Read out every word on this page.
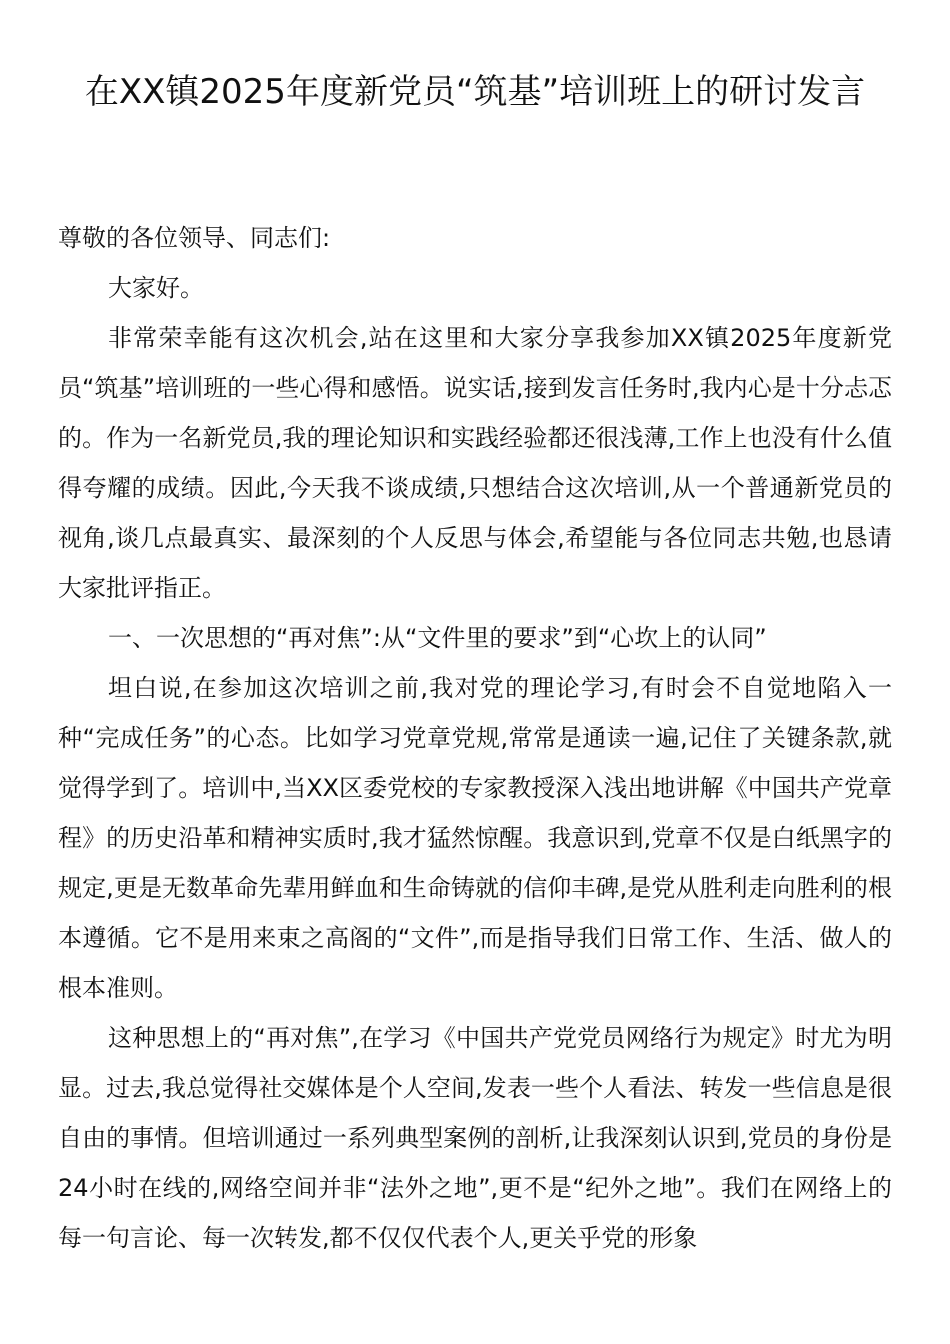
在XX镇2025年度新党员“筑基”培训班上的研讨发言

尊敬的各位领导、同志们:

大家好。

非常荣幸能有这次机会,站在这里和大家分享我参加XX镇2025年度新党员“筑基”培训班的一些心得和感悟。说实话,接到发言任务时,我内心是十分忐忑的。作为一名新党员,我的理论知识和实践经验都还很浅薄,工作上也没有什么值得夸耀的成绩。因此,今天我不谈成绩,只想结合这次培训,从一个普通新党员的视角,谈几点最真实、最深刻的个人反思与体会,希望能与各位同志共勉,也恳请大家批评指正。

一、一次思想的“再对焦”:从“文件里的要求”到“心坎上的认同”

坦白说,在参加这次培训之前,我对党的理论学习,有时会不自觉地陷入一种“完成任务”的心态。比如学习党章党规,常常是通读一遍,记住了关键条款,就觉得学到了。培训中,当XX区委党校的专家教授深入浅出地讲解《中国共产党章程》的历史沿革和精神实质时,我才猛然惊醒。我意识到,党章不仅是白纸黑字的规定,更是无数革命先辈用鲜血和生命铸就的信仰丰碑,是党从胜利走向胜利的根本遵循。它不是用来束之高阁的“文件”,而是指导我们日常工作、生活、做人的根本准则。

这种思想上的“再对焦”,在学习《中国共产党党员网络行为规定》时尤为明显。过去,我总觉得社交媒体是个人空间,发表一些个人看法、转发一些信息是很自由的事情。但培训通过一系列典型案例的剖析,让我深刻认识到,党员的身份是24小时在线的,网络空间并非“法外之地”,更不是“纪外之地”。我们在网络上的每一句言论、每一次转发,都不仅仅代表个人,更关乎党的形象
